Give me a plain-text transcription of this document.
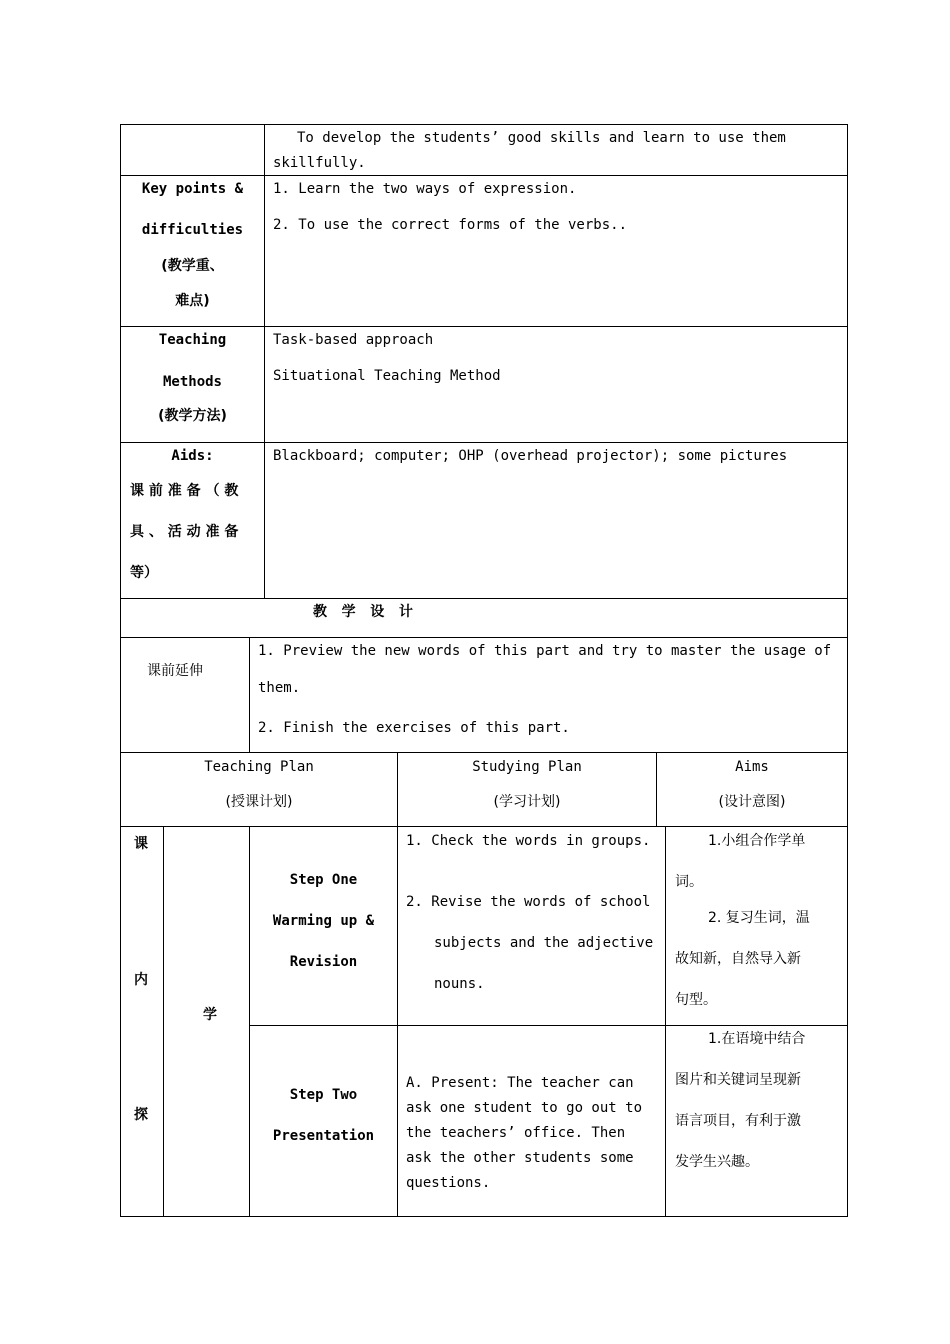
To develop the students’ good skills and learn to use them
skillfully.
Key points &
difficulties
(教学重、
难点)
1. Learn the two ways of expression.
2. To use the correct forms of the verbs..
Teaching
Methods
(教学方法)
Task-based approach
Situational Teaching Method
Aids:
课 前 准 备 （ 教
具 、 活 动 准 备
等）
Blackboard; computer; OHP (overhead projector); some pictures
教   学   设   计
课前延伸
1. Preview the new words of this part and try to master the usage of
them.
2. Finish the exercises of this part.
Teaching Plan
(授课计划)
Studying Plan
(学习计划)
Aims
(设计意图)
课
内
探
学
Step One
Warming up &
Revision
1. Check the words in groups.
2. Revise the words of school
subjects and the adjective
nouns.
1.小组合作学单
词。
2. 复习生词，温
故知新，自然导入新
句型。
Step Two
Presentation
A. Present: The teacher can
ask one student to go out to
the teachers’ office. Then
ask the other students some
questions.
1.在语境中结合
图片和关键词呈现新
语言项目，有利于激
发学生兴趣。
